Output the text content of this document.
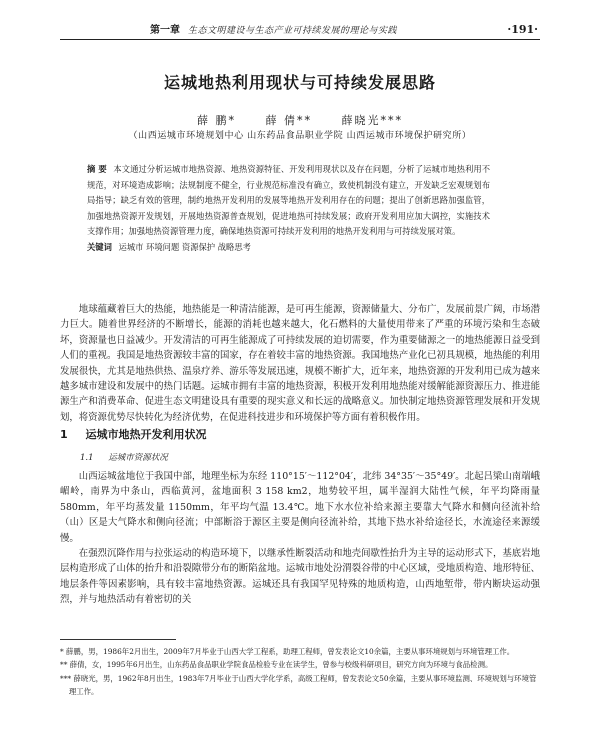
第一章 生态文明建设与生态产业可持续发展的理论与实践	·191·
运城地热利用现状与可持续发展思路
薛 鹏*	薛 倩**	薛晓光***
（山西运城市环境规划中心 山东药品食品职业学院 山西运城市环境保护研究所）
摘 要 本文通过分析运城市地热资源、地热资源特征、开发利用现状以及存在问题，分析了运城市地热利用不规范，对环境造成影响；法规制度不健全，行业规范标准没有确立，致使机制没有建立，开发缺乏宏观规划布局指导；缺乏有效的管理，制约地热开发利用的发展等地热开发利用存在的问题；提出了创新思路加强监管，加强地热资源开发规划，开展地热资源普查规划，促进地热可持续发展；政府开发利用应加大调控，实施技术支撑作用；加强地热资源管理力度，确保地热资源可持续开发利用的地热开发利用与可持续发展对策。
关键词 运城市 环境问题 资源保护 战略思考

地球蕴藏着巨大的热能，地热能是一种清洁能源，是可再生能源，资源储量大、分布广，发展前景广阔，市场潜力巨大。随着世界经济的不断增长，能源的消耗也越来越大，化石燃料的大量使用带来了严重的环境污染和生态破坏，资源量也日益减少。开发清洁的可再生能源成了可持续发展的迫切需要，作为重要储源之一的地热能源日益受到人们的重视。我国是地热资源较丰富的国家，存在着较丰富的地热资源。我国地热产业化已初具规模，地热能的利用发展很快，尤其是地热供热、温泉疗养、游乐等发展迅速，规模不断扩大，近年来，地热资源的开发利用已成为越来越多城市建设和发展中的热门话题。运城市拥有丰富的地热资源，积极开发利用地热能对缓解能源资源压力、推进能源生产和消费革命、促进生态文明建设具有重要的现实意义和长远的战略意义。加快制定地热资源管理发展和开发规划，将资源优势尽快转化为经济优势，在促进科技进步和环境保护等方面有着积极作用。

1 运城市地热开发利用状况
1.1 运城市资源状况

山西运城盆地位于我国中部，地理坐标为东经 110°15′～112°04′，北纬 34°35′～35°49′。北起吕梁山南端峨嵋岭，南界为中条山，西临黄河，盆地面积 3 158 km2，地势较平坦，属半湿润大陆性气候，年平均降雨量 580mm，年平均蒸发量 1150mm，年平均气温 13.4℃。地下水水位补给来源主要靠大气降水和侧向径流补给（山）区是大气降水和侧向径流；中部断浴于源区主要是侧向径流补给，其地下热水补给途径长，水流途径来源缓慢。

在强烈沉降作用与拉张运动的构造环境下，以继承性断裂活动和地壳间歇性抬升为主导的运动形式下，基底岩地层构造形成了山体的抬升和沿裂隙带分布的断陷盆地。运城市地处汾渭裂谷带的中心区域，受地质构造、地形特征、地层条件等因素影响，具有较丰富地热资源。运城还具有我国罕见特殊的地质构造，山西地堑带，带内断块运动强烈，并与地热活动有着密切的关

* 薛鹏，男，1986年2月出生，2009年7月毕业于山西大学工程系，助理工程师，曾发表论文10余篇，主要从事环境规划与环境管理工作。

** 薛倩，女，1995年6月出生，山东药品食品职业学院食品检验专业在读学生，曾参与校级科研项目，研究方向为环境与食品检测。

*** 薛晓光，男，1962年8月出生，1983年7月毕业于山西大学化学系，高级工程师，曾发表论文50余篇，主要从事环境监测、环境规划与环境管理工作。
